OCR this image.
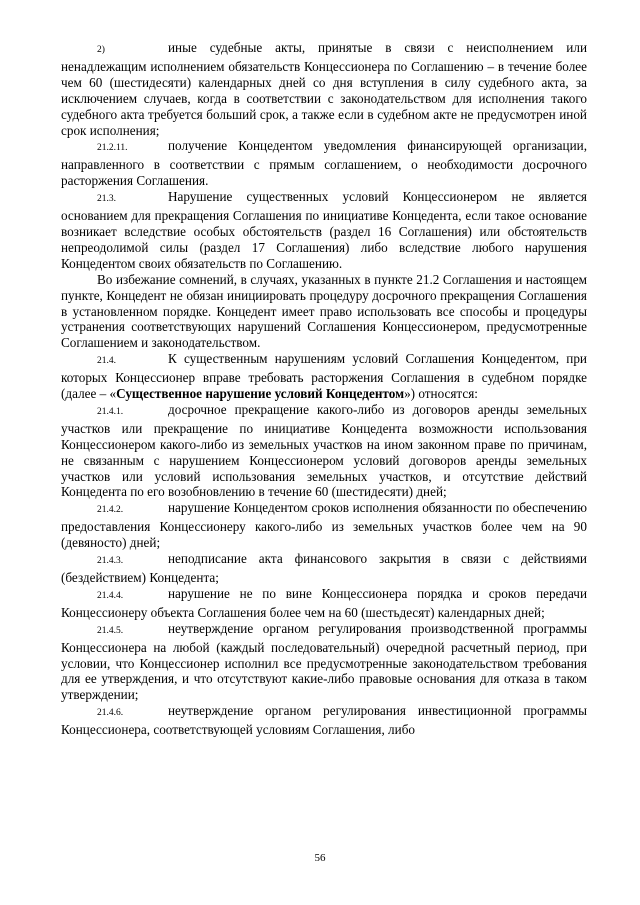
2)	иные судебные акты, принятые в связи с неисполнением или ненадлежащим исполнением обязательств Концессионера по Соглашению – в течение более чем 60 (шестидесяти) календарных дней со дня вступления в силу судебного акта, за исключением случаев, когда в соответствии с законодательством для исполнения такого судебного акта требуется больший срок, а также если в судебном акте не предусмотрен иной срок исполнения;

21.2.11.	получение Концедентом уведомления финансирующей организации, направленного в соответствии с прямым соглашением, о необходимости досрочного расторжения Соглашения.

21.3.	Нарушение существенных условий Концессионером не является основанием для прекращения Соглашения по инициативе Концедента, если такое основание возникает вследствие особых обстоятельств (раздел 16 Соглашения) или обстоятельств непреодолимой силы (раздел 17 Соглашения) либо вследствие любого нарушения Концедентом своих обязательств по Соглашению.

Во избежание сомнений, в случаях, указанных в пункте 21.2 Соглашения и настоящем пункте, Концедент не обязан инициировать процедуру досрочного прекращения Соглашения в установленном порядке. Концедент имеет право использовать все способы и процедуры устранения соответствующих нарушений Соглашения Концессионером, предусмотренные Соглашением и законодательством.

21.4.	К существенным нарушениям условий Соглашения Концедентом, при которых Концессионер вправе требовать расторжения Соглашения в судебном порядке (далее – «Существенное нарушение условий Концедентом») относятся:

21.4.1.	досрочное прекращение какого-либо из договоров аренды земельных участков или прекращение по инициативе Концедента возможности использования Концессионером какого-либо из земельных участков на ином законном праве по причинам, не связанным с нарушением Концессионером условий договоров аренды земельных участков или условий использования земельных участков, и отсутствие действий Концедента по его возобновлению в течение 60 (шестидесяти) дней;

21.4.2.	нарушение Концедентом сроков исполнения обязанности по обеспечению предоставления Концессионеру какого-либо из земельных участков более чем на 90 (девяносто) дней;

21.4.3.	неподписание акта финансового закрытия в связи с действиями (бездействием) Концедента;

21.4.4.	нарушение не по вине Концессионера порядка и сроков передачи Концессионеру объекта Соглашения более чем на 60 (шестьдесят) календарных дней;

21.4.5.	неутверждение органом регулирования производственной программы Концессионера на любой (каждый последовательный) очередной расчетный период, при условии, что Концессионер исполнил все предусмотренные законодательством требования для ее утверждения, и что отсутствуют какие-либо правовые основания для отказа в таком утверждении;

21.4.6.	неутверждение органом регулирования инвестиционной программы Концессионера, соответствующей условиям Соглашения, либо

56
